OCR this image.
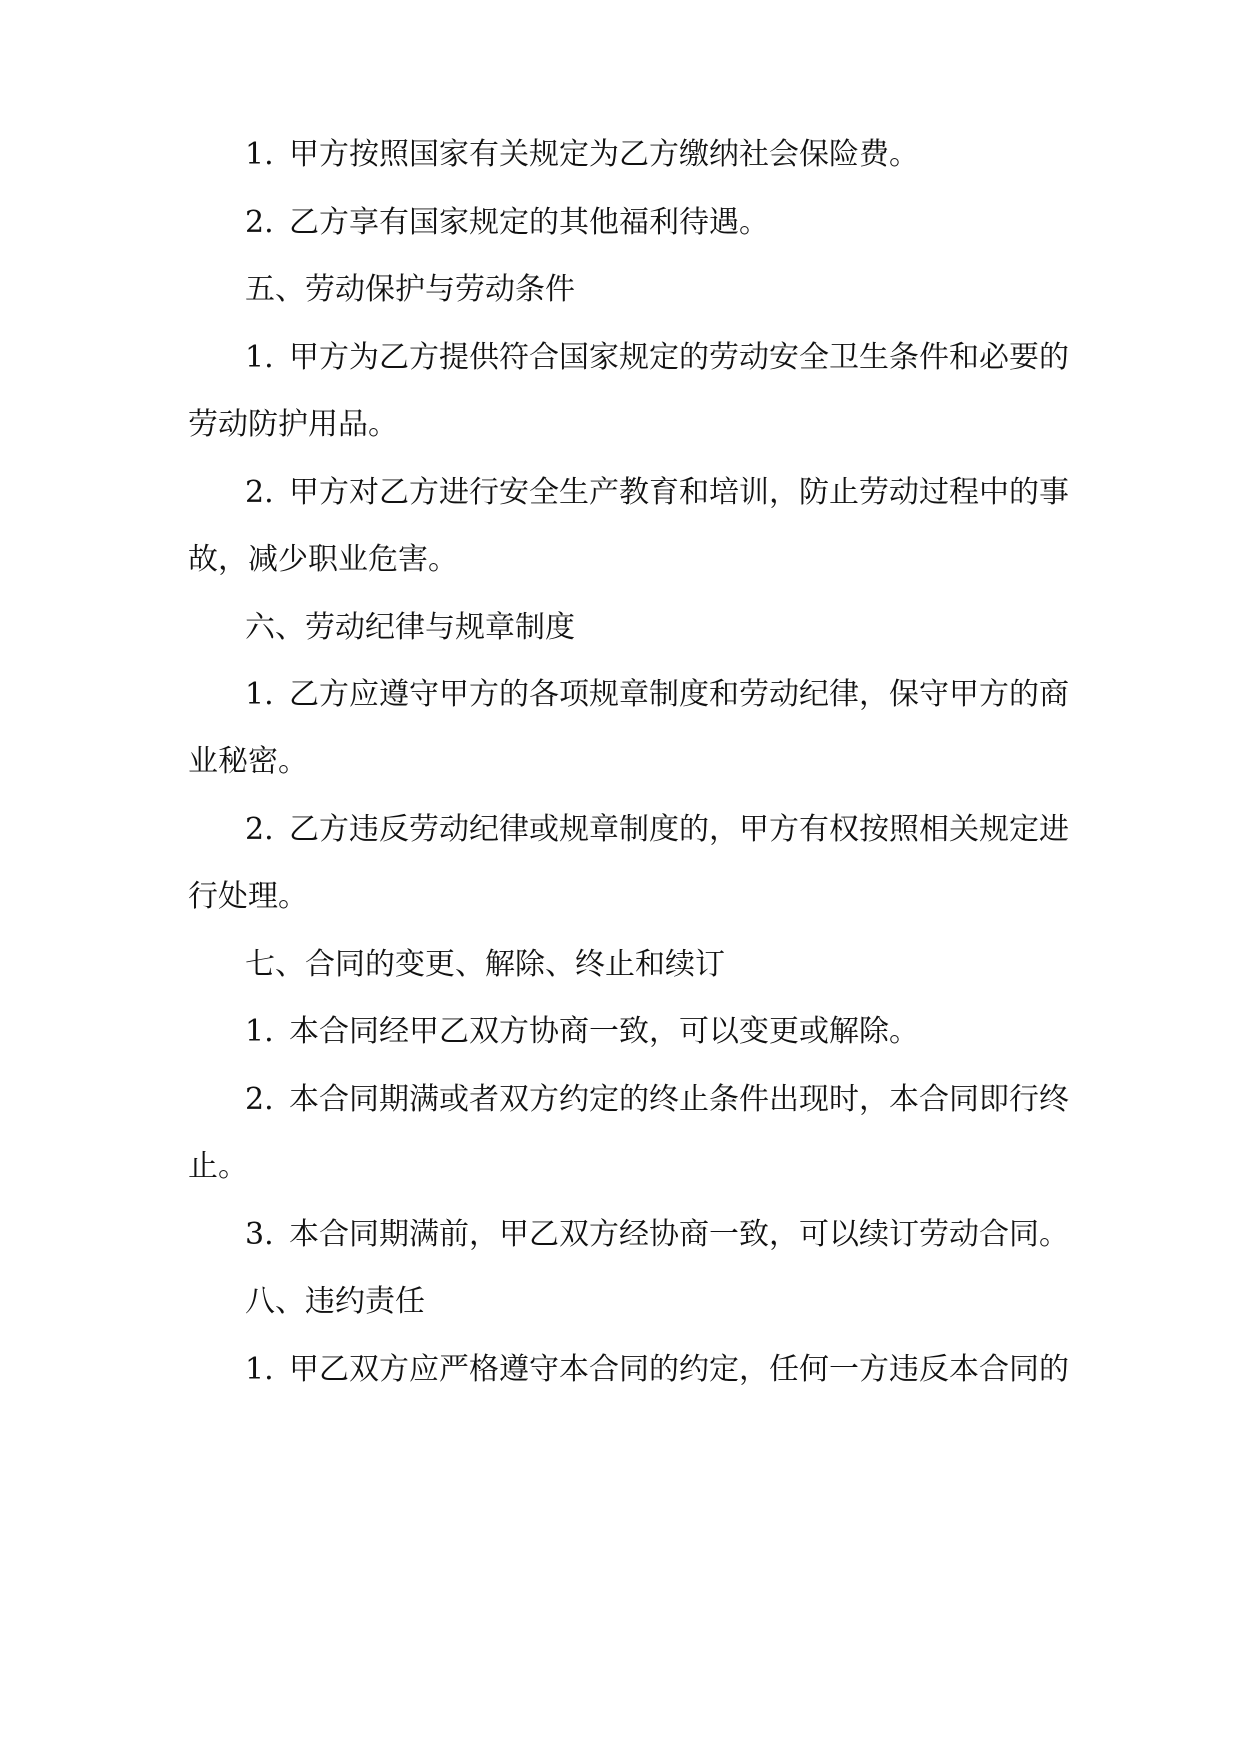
1. 甲方按照国家有关规定为乙方缴纳社会保险费。
2. 乙方享有国家规定的其他福利待遇。
五、劳动保护与劳动条件
1. 甲方为乙方提供符合国家规定的劳动安全卫生条件和必要的
劳动防护用品。
2. 甲方对乙方进行安全生产教育和培训，防止劳动过程中的事
故，减少职业危害。
六、劳动纪律与规章制度
1. 乙方应遵守甲方的各项规章制度和劳动纪律，保守甲方的商
业秘密。
2. 乙方违反劳动纪律或规章制度的，甲方有权按照相关规定进
行处理。
七、合同的变更、解除、终止和续订
1. 本合同经甲乙双方协商一致，可以变更或解除。
2. 本合同期满或者双方约定的终止条件出现时，本合同即行终
止。
3. 本合同期满前，甲乙双方经协商一致，可以续订劳动合同。
八、违约责任
1. 甲乙双方应严格遵守本合同的约定，任何一方违反本合同的
